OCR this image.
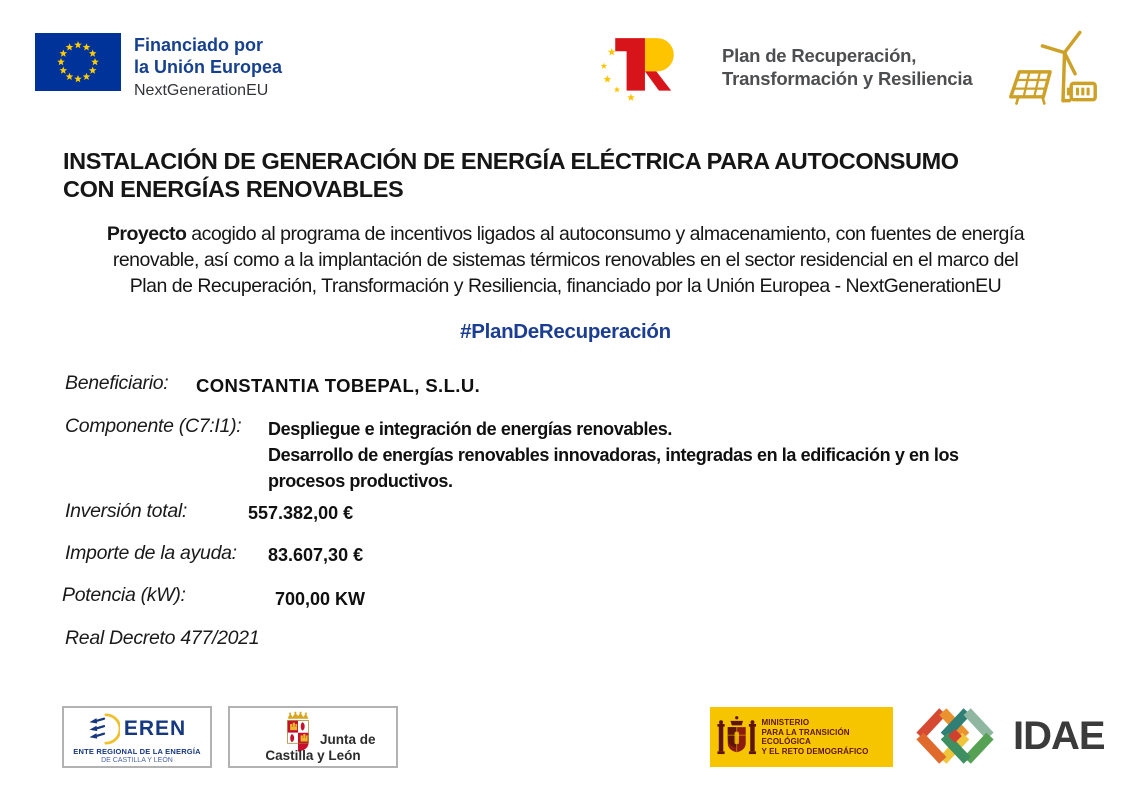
Financiado por
la Unión Europea
NextGenerationEU
Plan de Recuperación,
Transformación y Resiliencia
INSTALACIÓN DE GENERACIÓN DE ENERGÍA ELÉCTRICA PARA AUTOCONSUMO
CON ENERGÍAS RENOVABLES
Proyecto acogido al programa de incentivos ligados al autoconsumo y almacenamiento, con fuentes de energía
renovable, así como a la implantación de sistemas térmicos renovables en el sector residencial en el marco del
Plan de Recuperación, Transformación y Resiliencia, financiado por la Unión Europea - NextGenerationEU
#PlanDeRecuperación
Beneficiario: CONSTANTIA TOBEPAL, S.L.U.
Componente (C7:I1): Despliegue e integración de energías renovables.
Desarrollo de energías renovables innovadoras, integradas en la edificación y en los
procesos productivos.
Inversión total:	557.382,00 €
Importe de la ayuda: 83.607,30 €
Potencia (kW):	700,00 KW
Real Decreto 477/2021
EREN
ENTE REGIONAL DE LA ENERGÍA
DE CASTILLA Y LEÓN
Junta de
Castilla y León
MINISTERIO
PARA LA TRANSICIÓN ECOLÓGICA
Y EL RETO DEMOGRÁFICO	IDAE
